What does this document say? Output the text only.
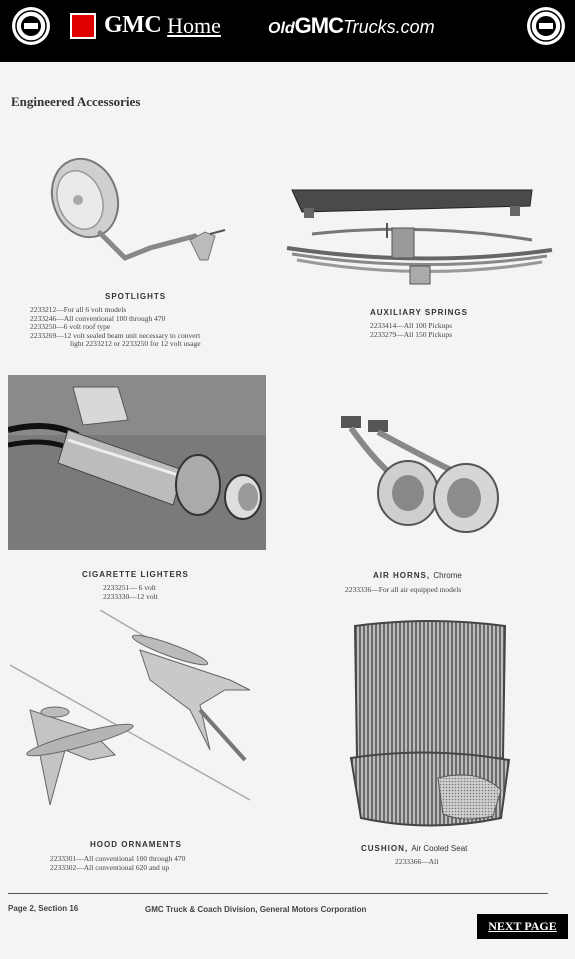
GMC Home	OldGMCTrucks.com
Engineered Accessories
SPOTLIGHTS
2233212—For all 6 volt models
2233246—All conventional 100 through 470
2233250—6 volt roof type
2233269—12 volt sealed beam unit necessary to convert
light 2233212 or 2233250 for 12 volt usage
AUXILIARY SPRINGS
2233414—All 100 Pickups
2233279—All 150 Pickups
CIGARETTE LIGHTERS
2233251— 6 volt
2233330—12 volt
AIR HORNS, Chrome
2233336—For all air equipped models
HOOD ORNAMENTS
2233301—All conventional 100 through 470
2233302—All conventional 620 and up
CUSHION, Air Cooled Seat
2233366—All
Page 2, Section 16	GMC Truck & Coach Division, General Motors Corporation
NEXT PAGE
